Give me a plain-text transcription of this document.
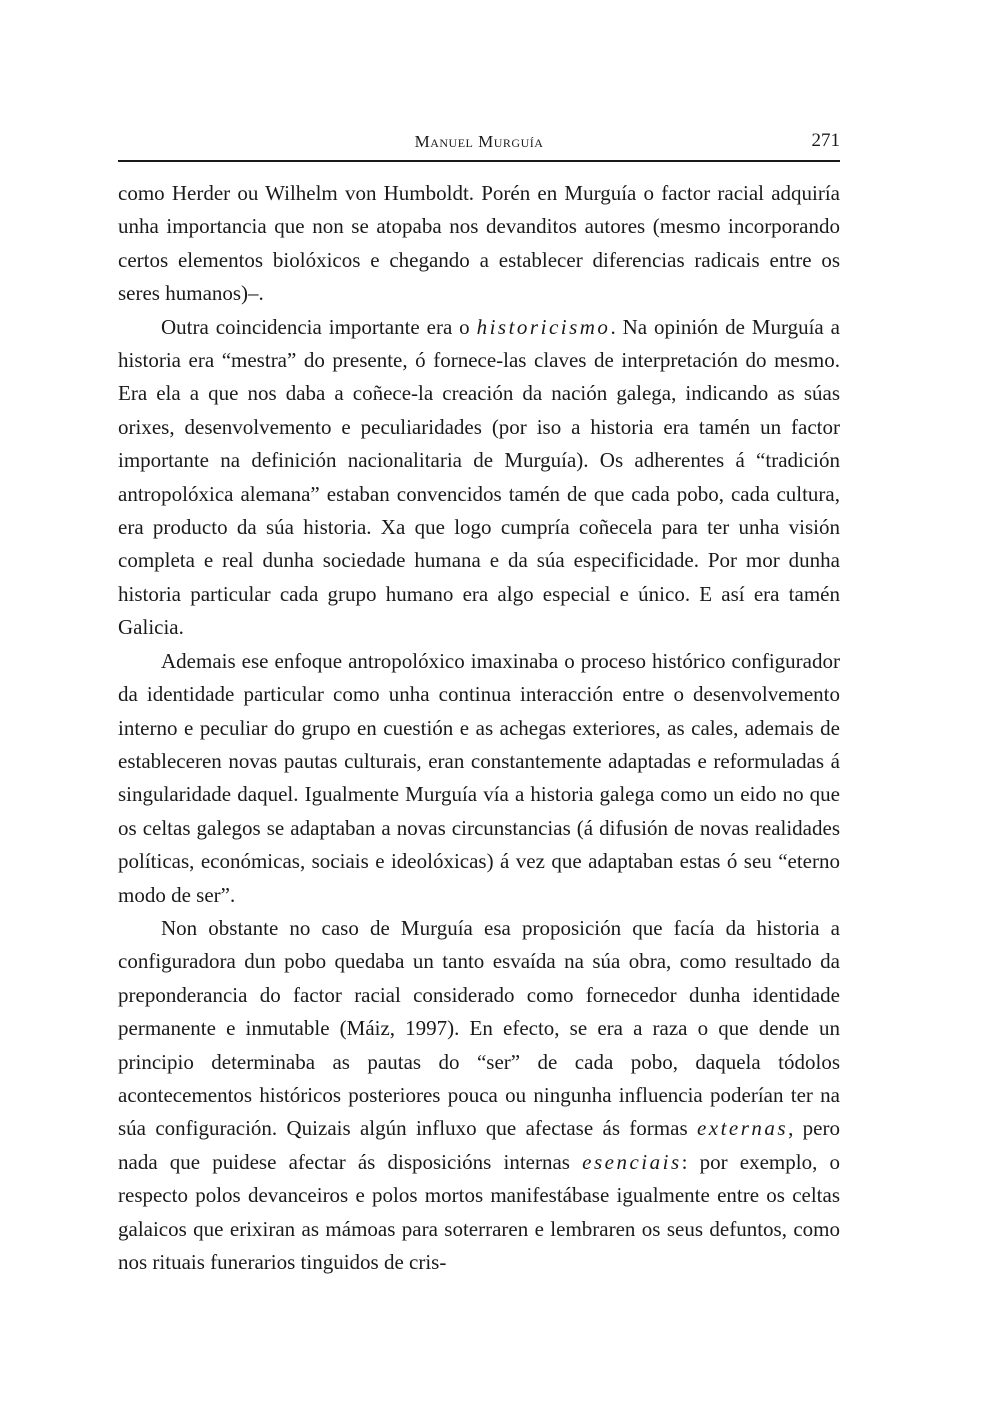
Manuel Murguía	271

como Herder ou Wilhelm von Humboldt. Porén en Murguía o factor racial adquiría unha importancia que non se atopaba nos devanditos autores (mesmo incorporando certos elementos biolóxicos e chegando a establecer diferencias radicais entre os seres humanos)–.

Outra coincidencia importante era o historicismo. Na opinión de Murguía a historia era “mestra” do presente, ó fornece-las claves de interpretación do mesmo. Era ela a que nos daba a coñece-la creación da nación galega, indicando as súas orixes, desenvolvemento e peculiaridades (por iso a historia era tamén un factor importante na definición nacionalitaria de Murguía). Os adherentes á “tradición antropolóxica alemana” estaban convencidos tamén de que cada pobo, cada cultura, era producto da súa historia. Xa que logo cumpría coñecela para ter unha visión completa e real dunha sociedade humana e da súa especificidade. Por mor dunha historia particular cada grupo humano era algo especial e único. E así era tamén Galicia.

Ademais ese enfoque antropolóxico imaxinaba o proceso histórico configurador da identidade particular como unha continua interacción entre o desenvolvemento interno e peculiar do grupo en cuestión e as achegas exteriores, as cales, ademais de estableceren novas pautas culturais, eran constantemente adaptadas e reformuladas á singularidade daquel. Igualmente Murguía vía a historia galega como un eido no que os celtas galegos se adaptaban a novas circunstancias (á difusión de novas realidades políticas, económicas, sociais e ideolóxicas) á vez que adaptaban estas ó seu “eterno modo de ser”.

Non obstante no caso de Murguía esa proposición que facía da historia a configuradora dun pobo quedaba un tanto esvaída na súa obra, como resultado da preponderancia do factor racial considerado como fornecedor dunha identidade permanente e inmutable (Máiz, 1997). En efecto, se era a raza o que dende un principio determinaba as pautas do “ser” de cada pobo, daquela tódolos acontecementos históricos posteriores pouca ou ningunha influencia poderían ter na súa configuración. Quizais algún influxo que afectase ás formas externas, pero nada que puidese afectar ás disposicións internas esenciais: por exemplo, o respecto polos devanceiros e polos mortos manifestábase igualmente entre os celtas galaicos que erixiran as mámoas para soterraren e lembraren os seus defuntos, como nos rituais funerarios tinguidos de cris-
